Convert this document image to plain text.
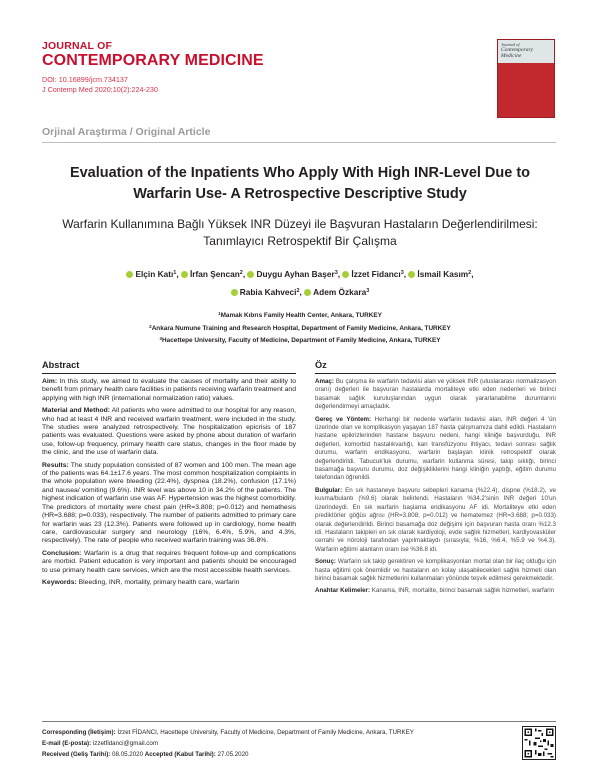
JOURNAL OF
CONTEMPORARY MEDICINE
DOI: 10.16899/jcm.734137
J Contemp Med 2020;10(2):224-230
Journal of
Contemporary
Medicine
Orjinal Araştırma / Original Article
Evaluation of the Inpatients Who Apply With High INR-Level Due to Warfarin Use- A Retrospective Descriptive Study
Warfarin Kullanımına Bağlı Yüksek INR Düzeyi ile Başvuran Hastaların Değerlendirilmesi: Tanımlayıcı Retrospektif Bir Çalışma
Elçin Katı$^1$, İrfan Şencan$^2$, Duygu Ayhan Başer$^3$, İzzet Fidancı$^3$, İsmail Kasım$^2$,
Rabia Kahveci$^2$, Adem Özkara$^3$
$^1$Mamak Kıbrıs Family Health Center, Ankara, TURKEY
$^2$Ankara Numune Training and Research Hospital, Department of Family Medicine, Ankara, TURKEY
$^3$Hacettepe University, Faculty of Medicine, Department of Family Medicine, Ankara, TURKEY
Abstract	Öz

Aim: In this study, we aimed to evaluate the causes of mortality and their ability to benefit from primary health care facilities in patients receiving warfarin treatment and applying with high INR (international normalization ratio) values.

Material and Method: All patients who were admitted to our hospital for any reason, who had at least 4 INR and received warfarin treatment, were included in the study. The studies were analyzed retrospectively. The hospitalization epicrisis of 187 patients was evaluated. Questions were asked by phone about duration of warfarin use, follow-up frequency, primary health care status, changes in the floor made by the clinic, and the use of warfarin data.

Results: The study population consisted of 87 women and 100 men. The mean age of the patients was 64.1±17.6 years. The most common hospitalization complaints in the whole population were bleeding (22.4%), dyspnea (18.2%), confusion (17.1%) and nausea/ vomiting (9.6%). INR level was above 10 in 34.2% of the patients. The highest indication of warfarin use was AF. Hypertension was the highest comorbidity. The predictors of mortality were chest pain (HR=3.808; p=0.012) and hemathesis (HR=3.688; p=0.033), respectively. The number of patients admitted to primary care for warfarin was 23 (12.3%). Patients were followed up in cardiology, home health care, cardiovascular surgery and neurology (16%, 6.4%, 5.9%, and 4.3%, respectively). The rate of people who received warfarin training was 36.8%.

Conclusion: Warfarin is a drug that requires frequent follow-up and complications are morbid. Patient education is very important and patients should be encouraged to use primary health care services, which are the most accessible health services.

Keywords: Bleeding, INR, mortality, primary health care, warfarin

Amaç: Bu çalışma ile warfarin tedavisi alan ve yüksek INR (uluslararası normalizasyon oranı) değerleri ile başvuran hastalarda mortaliteye etki eden nedenleri ve birinci basamak sağlık kuruluşlarından uygun olarak yararlanabilme durumlarını değerlendirmeyi amaçladık.

Gereç ve Yöntem: Herhangi bir nedenle warfarin tedavisi alan, INR değeri 4 'ün üzerinde olan ve komplikasyon yaşayan 187 hasta çalışmamıza dahil edildi. Hastaların hastane epikrizlerinden hastane başvuru nedeni, hangi kliniğe başvurduğu, INR değerleri, komorbid hastalıkvarlığı, kan transfüzyonu ihtiyacı, tedavi sonrası sağlık durumu, warfarin endikasyonu, warfarin başlayan klinik retrospektif olarak değerlendirildi. Tabucuk'luk durumu, warfarin kullanma süresi, takip sıklığı, birinci basamağa başvuru durumu, doz değişikliklerini hangi kliniğin yaptığı, eğitim durumu telefondan öğrenildi.

Bulgular: En sık hastaneye başvuru sebepleri kanama (%22.4), dispne (%18.2), ve kusma/bulantı (%9.6) olarak belirlendi. Hastaların %34.2'sinin INR değeri 10'un üzerindeydi. En sık warfarin başlama endikasyonu AF idi. Mortaliteye etki eden prediktörler göğüs ağrısı (HR=3.808; p=0.012) ve hematemez (HR=3.688; p=0.033) olarak değerlendirildi. Birinci basamağa doz değişimi için başvuran hasta oranı %12.3 idi. Hastaların takipleri en sık olarak kardiyoloji, evde sağlık hizmetleri, kardiyovasküler cerrahi ve nöroloji tarafından yapılmaktaydı (sırasıyla; %16, %6.4, %5.9 ve %4.3). Warfarin eğitimi alanların oranı ise %36.8 idi.

Sonuç: Warfarin sık takip gerektiren ve komplikasyonları mortal olan bir ilaç olduğu için hasta eğitimi çok önemlidir ve hastaların en kolay ulaşabilecekleri sağlık hizmeti olan birinci basamak sağlık hizmetlerini kullanmaları yönünde teşvik edilmesi gerekmektedir.

Anahtar Kelimeler: Kanama, INR, mortalite, birinci basamak sağlık hizmetleri, warfarin

Corresponding (İletişim): İzzet FİDANCI, Hacettepe University, Faculty of Medicine, Department of Family Medicine, Ankara, TURKEY
E-mail (E-posta): izzetfidanci@gmail.com
Received (Geliş Tarihi): 08.05.2020 Accepted (Kabul Tarihi): 27.05.2020
